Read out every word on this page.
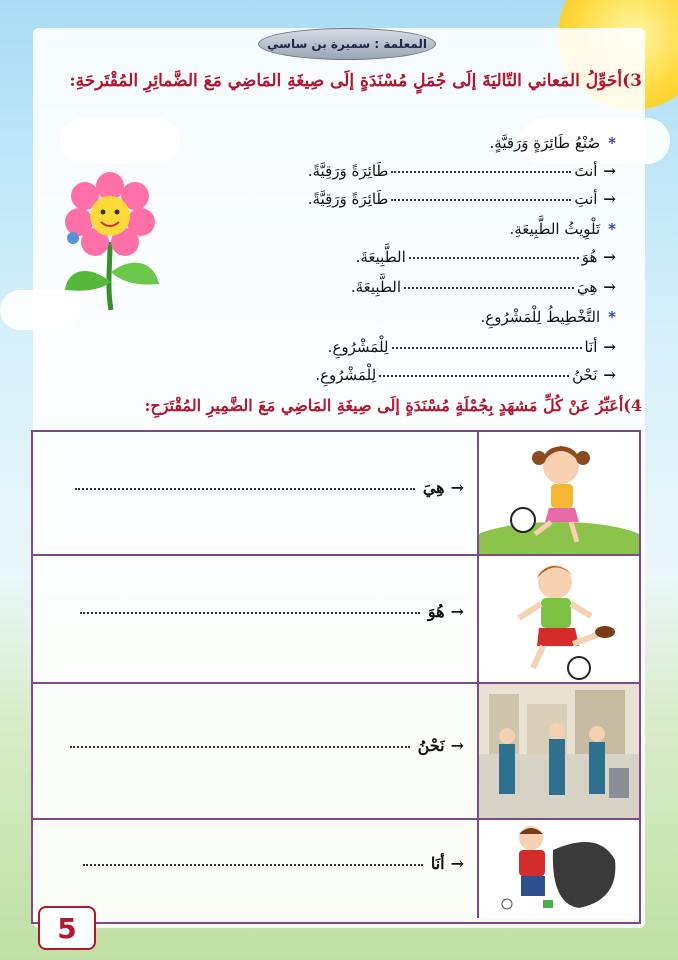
المعلمة : سميرة بن ساسي
3)أحَوِّلُ المَعاني التّاليَةَ إلَى جُمَلٍ مُسْنَدَةٍ إلَى صِيغَةِ المَاضِي مَعَ الضَّمائِرِ المُقْتَرحَةِ:
*صُنْعُ طَائِرَةٍ وَرَقيَّةٍ.
→أنتَطَائِرَةً وَرَقِيَّةً.
→أنتِطَائِرَةً وَرَقِيَّةً.
*تَلْوِيثُ الطَّبِيعَةِ.
→هُوَالطَّبِيعَةَ.
→هِيَالطَّبِيعَةَ.
*التَّخْطِيطُ لِلْمَشْرُوعِ.
→أنَالِلْمَشْرُوعِ.
→نَحْنُلِلْمَشْرُوعِ.
4)أعَبِّرُ عَنْ كُلِّ مَشهَدٍ بِجُمْلَةٍ مُسْنَدَةٍ إلَى صِيغَةِ المَاضِي مَعَ الضَّمِيرِ المُقْتَرَحِ:
→هِيَ
→هُوَ
→نَحْنُ
→أنَا
5
